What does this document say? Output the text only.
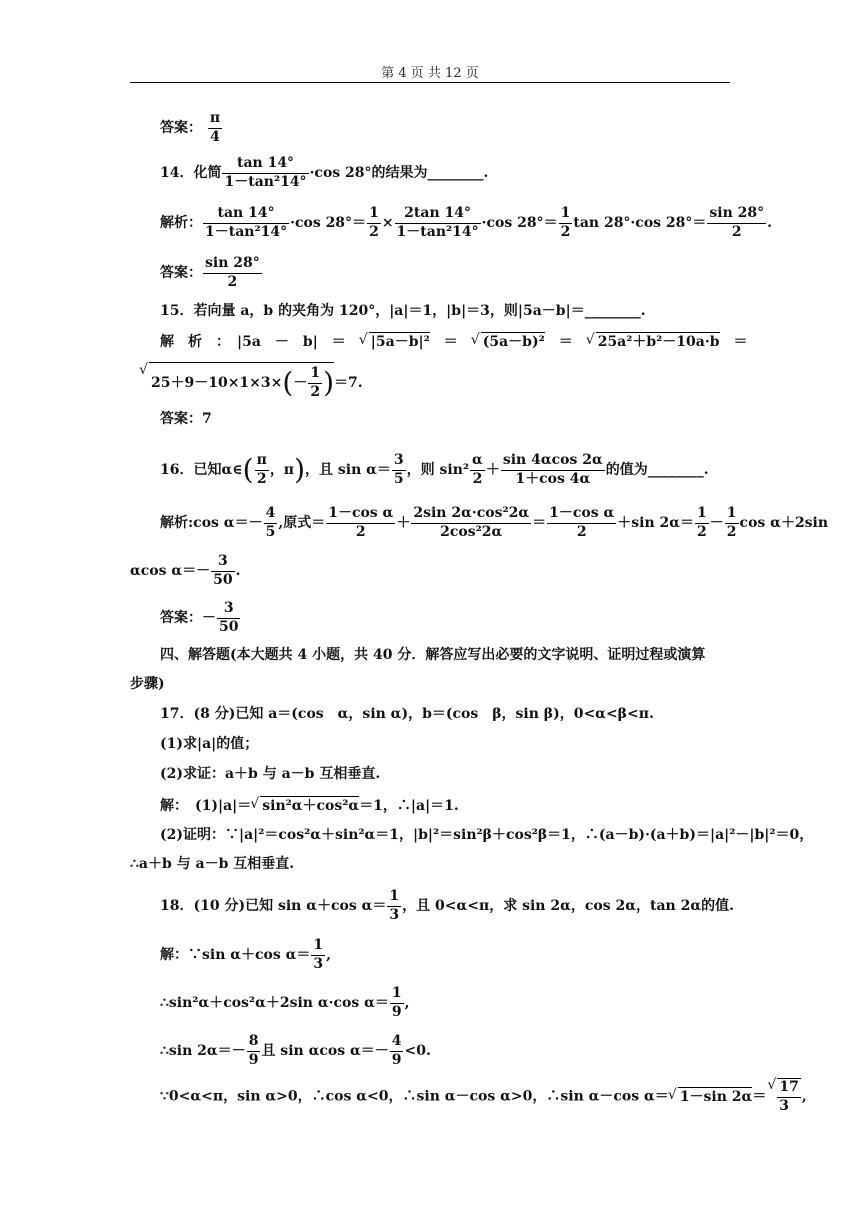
第 4 页 共 12 页
答案： $\frac{\pi}{4}$
14．化简 $\frac{\tan 14^\circ}{\text{1－tan²14°}} \cdot\cos$ 28°的结果为________.
解析： $\frac{\tan 14^\circ}{\text{1－tan²14°}} \cdot\cos$ $28^\circ= \frac{1}{2} \times \frac{2\tan 14^\circ}{\text{1－tan²14°}} \cdot\cos$ $28^\circ= \frac{1}{2}$ tan 28°·cos $28^\circ= \frac{\sin 28^\circ}{2}$ .
答案： $\frac{\sin 28^\circ}{2}$
15．若向量 a，b 的夹角为 120°，|a|＝1，|b|＝3，则|5a－b|＝________.
解　析　：　|5a　－　b|　＝　√ |5a－b|²　＝　√ (5a－b)²　＝　√ 25a²＋b²－10a·b　＝
√ $25+9-10\times 1\times 3\times(- \frac{1}{2} )=7$.
答案：7
16．已知α∈( $\frac{\pi}{2}$ ，π)，且 $\sin \alpha= \frac{3}{5}$ ，则 $\sin^2 \frac{\alpha}{2} + \frac{\sin 4\alpha\cos 2\alpha}{1+\cos 4\alpha}$ 的值为________.
解析:cos $\alpha=- \frac{4}{5}$ ,原式＝ $\frac{\text{1－cos α}}{2} + \frac{\text{2sin 2α·cos²2α}}{\text{2cos²2α}} = \frac{\text{1－cos α}}{2} +\sin$ $2\alpha= \frac{1}{2} - \frac{1}{2}$ cos α＋2sin
αcos $\alpha=- \frac{3}{50}$ .
答案：－ $\frac{3}{50}$
四、解答题(本大题共 4 小题，共 40 分．解答应写出必要的文字说明、证明过程或演算
步骤)
17．(8 分)已知 a＝(cos　α，sin α)，b＝(cos　β，sin β)，0<α<β<π.
(1)求|a|的值；
(2)求证：a＋b 与 a－b 互相垂直.
解：　(1)|a|＝ √ sin²α＋cos²α＝1，∴|a|＝1.
(2)证明：∵|a|²＝cos²α＋sin²α＝1，|b|²＝sin²β＋cos²β＝1，∴(a－b)·(a＋b)＝|a|²－|b|²＝0，
∴a＋b 与 a－b 互相垂直.
18．(10 分)已知 sin α＋cos $\alpha= \frac{1}{3}$ ，且 0<α<π，求 sin 2α，cos 2α，tan 2α的值.
解：∵sin α＋cos $\alpha= \frac{1}{3}$ ,
∴sin²α＋cos²α＋2sin α·cos $\alpha= \frac{1}{9}$ ,
∴sin $2\alpha=- \frac{8}{9}$ 且 sin αcos $\alpha=- \frac{4}{9} <0$.
∵0<α<π，sin α>0，∴cos α<0，∴sin α－cos α>0，∴sin α－cos α＝ √ 1－sin 2α＝ √ $\frac{17}{3}$ ,
